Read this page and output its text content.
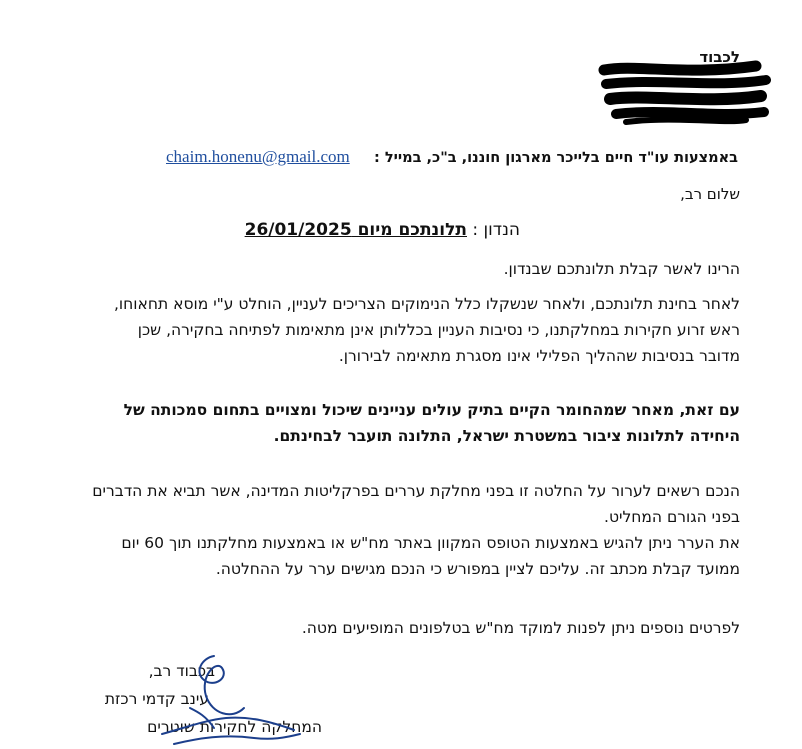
לכבוד
באמצעות עו"ד חיים בלייכר מארגון חוננו, ב"כ, במייל :
chaim.honenu@gmail.com
שלום רב,
הנדון : תלונתכם מיום 26/01/2025
הרינו לאשר קבלת תלונתכם שבנדון.
לאחר בחינת תלונתכם, ולאחר שנשקלו כלל הנימוקים הצריכים לעניין, הוחלט ע"י מוסא תחאוחו,
ראש זרוע חקירות במחלקתנו, כי נסיבות העניין בכללותן אינן מתאימות לפתיחה בחקירה, שכן
מדובר בנסיבות שההליך הפלילי אינו מסגרת מתאימה לבירורן.
עם זאת, מאחר שמהחומר הקיים בתיק עולים עניינים שיכול ומצויים בתחום סמכותה של
היחידה לתלונות ציבור במשטרת ישראל, התלונה תועבר לבחינתם.
הנכם רשאים לערור על החלטה זו בפני מחלקת עררים בפרקליטות המדינה, אשר תביא את הדברים
בפני הגורם המחליט.
את הערר ניתן להגיש באמצעות הטופס המקוון באתר מח"ש או באמצעות מחלקתנו תוך 60 יום
ממועד קבלת מכתב זה. עליכם לציין במפורש כי הנכם מגישים ערר על ההחלטה.
לפרטים נוספים ניתן לפנות למוקד מח"ש בטלפונים המופיעים מטה.
בכבוד רב,
עינב קדמי רכזת
המחלקה לחקירות שוטרים
